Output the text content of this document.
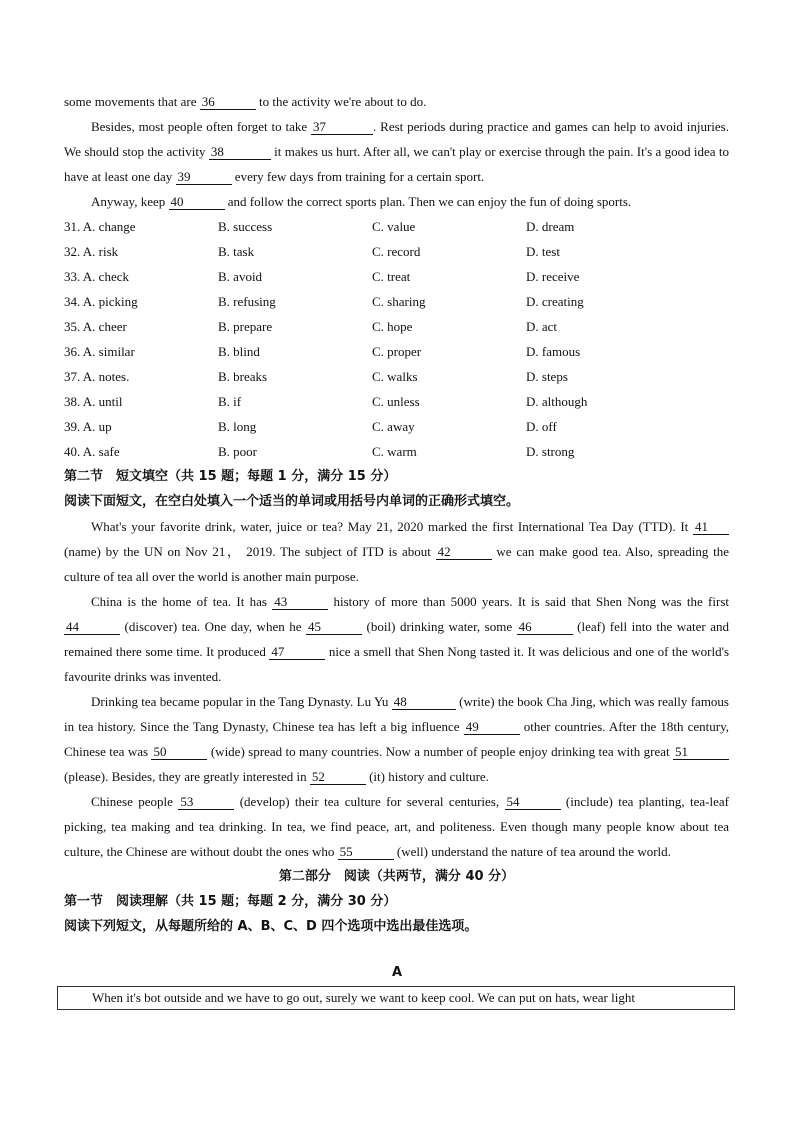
some movements that are 36	to the activity we're about to do.

Besides, most people often forget to take 37	. Rest periods during practice and games can help to avoid injuries. We should stop the activity 38	it makes us hurt. After all, we can't play or exercise through the pain. It's a good idea to have at least one day 39	every few days from training for a certain sport.

Anyway, keep 40	and follow the correct sports plan. Then we can enjoy the fun of doing sports.

31. A. change	B. success	C. value	D. dream
32. A. risk	B. task	C. record	D. test
33. A. check	B. avoid	C. treat	D. receive
34. A. picking	B. refusing	C. sharing	D. creating
35. A. cheer	B. prepare	C. hope	D. act
36. A. similar	B. blind	C. proper	D. famous
37. A. notes.	B. breaks	C. walks	D. steps
38. A. until	B. if	C. unless	D. although
39. A. up	B. long	C. away	D. off
40. A. safe	B. poor	C. warm	D. strong

第二节　短文填空（共 15 题；每题 1 分，满分 15 分）

阅读下面短文，在空白处填入一个适当的单词或用括号内单词的正确形式填空。

What's your favorite drink, water, juice or tea? May 21, 2020 marked the first International Tea Day (TTD). It 41 (name) by the UN on Nov 21， 2019. The subject of ITD is about 42	we can make good tea. Also, spreading the culture of tea all over the world is another main purpose.

China is the home of tea. It has 43	history of more than 5000 years. It is said that Shen Nong was the first 44	(discover) tea. One day, when he 45	(boil) drinking water, some 46	(leaf) fell into the water and remained there some time. It produced 47	nice a smell that Shen Nong tasted it. It was delicious and one of the world's favourite drinks was invented.

Drinking tea became popular in the Tang Dynasty. Lu Yu 48	(write) the book Cha Jing, which was really famous in tea history. Since the Tang Dynasty, Chinese tea has left a big influence 49	other countries. After the 18th century, Chinese tea was 50	(wide) spread to many countries. Now a number of people enjoy drinking tea with great 51 (please). Besides, they are greatly interested in 52	(it) history and culture.

Chinese people 53	(develop) their tea culture for several centuries, 54	(include) tea planting, tea-leaf picking, tea making and tea drinking. In tea, we find peace, art, and politeness. Even though many people know about tea culture, the Chinese are without doubt the ones who 55	(well) understand the nature of tea around the world.

第二部分　阅读（共两节，满分 40 分）

第一节　阅读理解（共 15 题；每题 2 分，满分 30 分）

阅读下列短文，从每题所给的 A、B、C、D 四个选项中选出最佳选项。

A

When it's bot outside and we have to go out, surely we want to keep cool. We can put on hats, wear light
